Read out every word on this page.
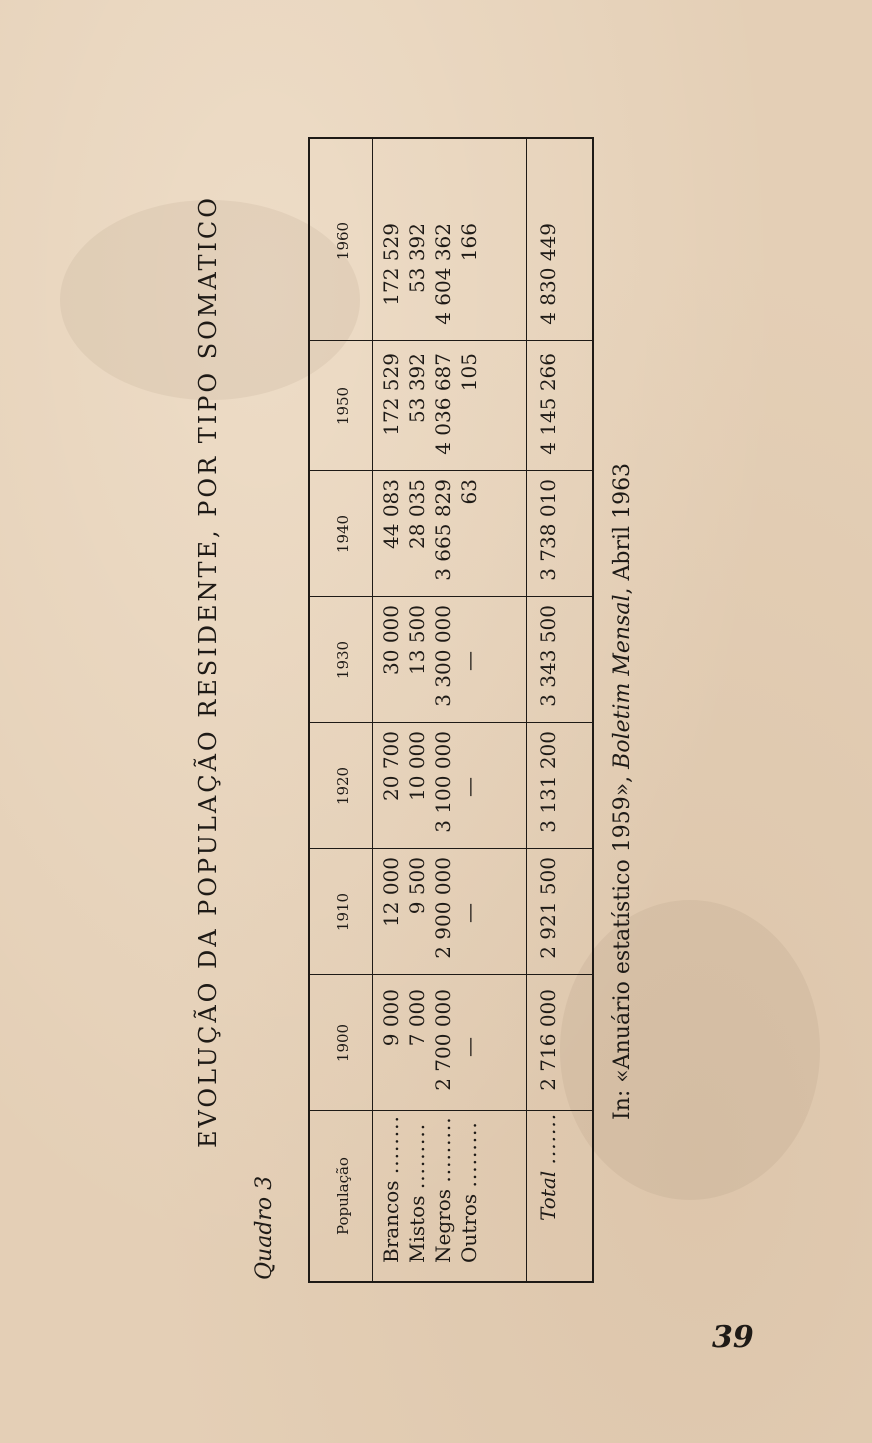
Quadro 3
EVOLUÇÃO DA POPULAÇÃO RESIDENTE, POR TIPO SOMATICO
População
1900
1910
1920
1930
1940
1950
1960
Brancos ........
Mistos .........
Negros .........
Outros .........
9 000 7 000 2 700 000 —
12 000 9 500 2 900 000 —
20 700 10 000 3 100 000 —
30 000 13 500 3 300 000 —
44 083 28 035 3 665 829 63
172 529 53 392 4 036 687 105
172 529 53 392 4 604 362 166
Total .......
2 716 000
2 921 500
3 131 200
3 343 500
3 738 010
4 145 266
4 830 449
In: «Anuário estatístico 1959», Boletim Mensal, Abril 1963
39
